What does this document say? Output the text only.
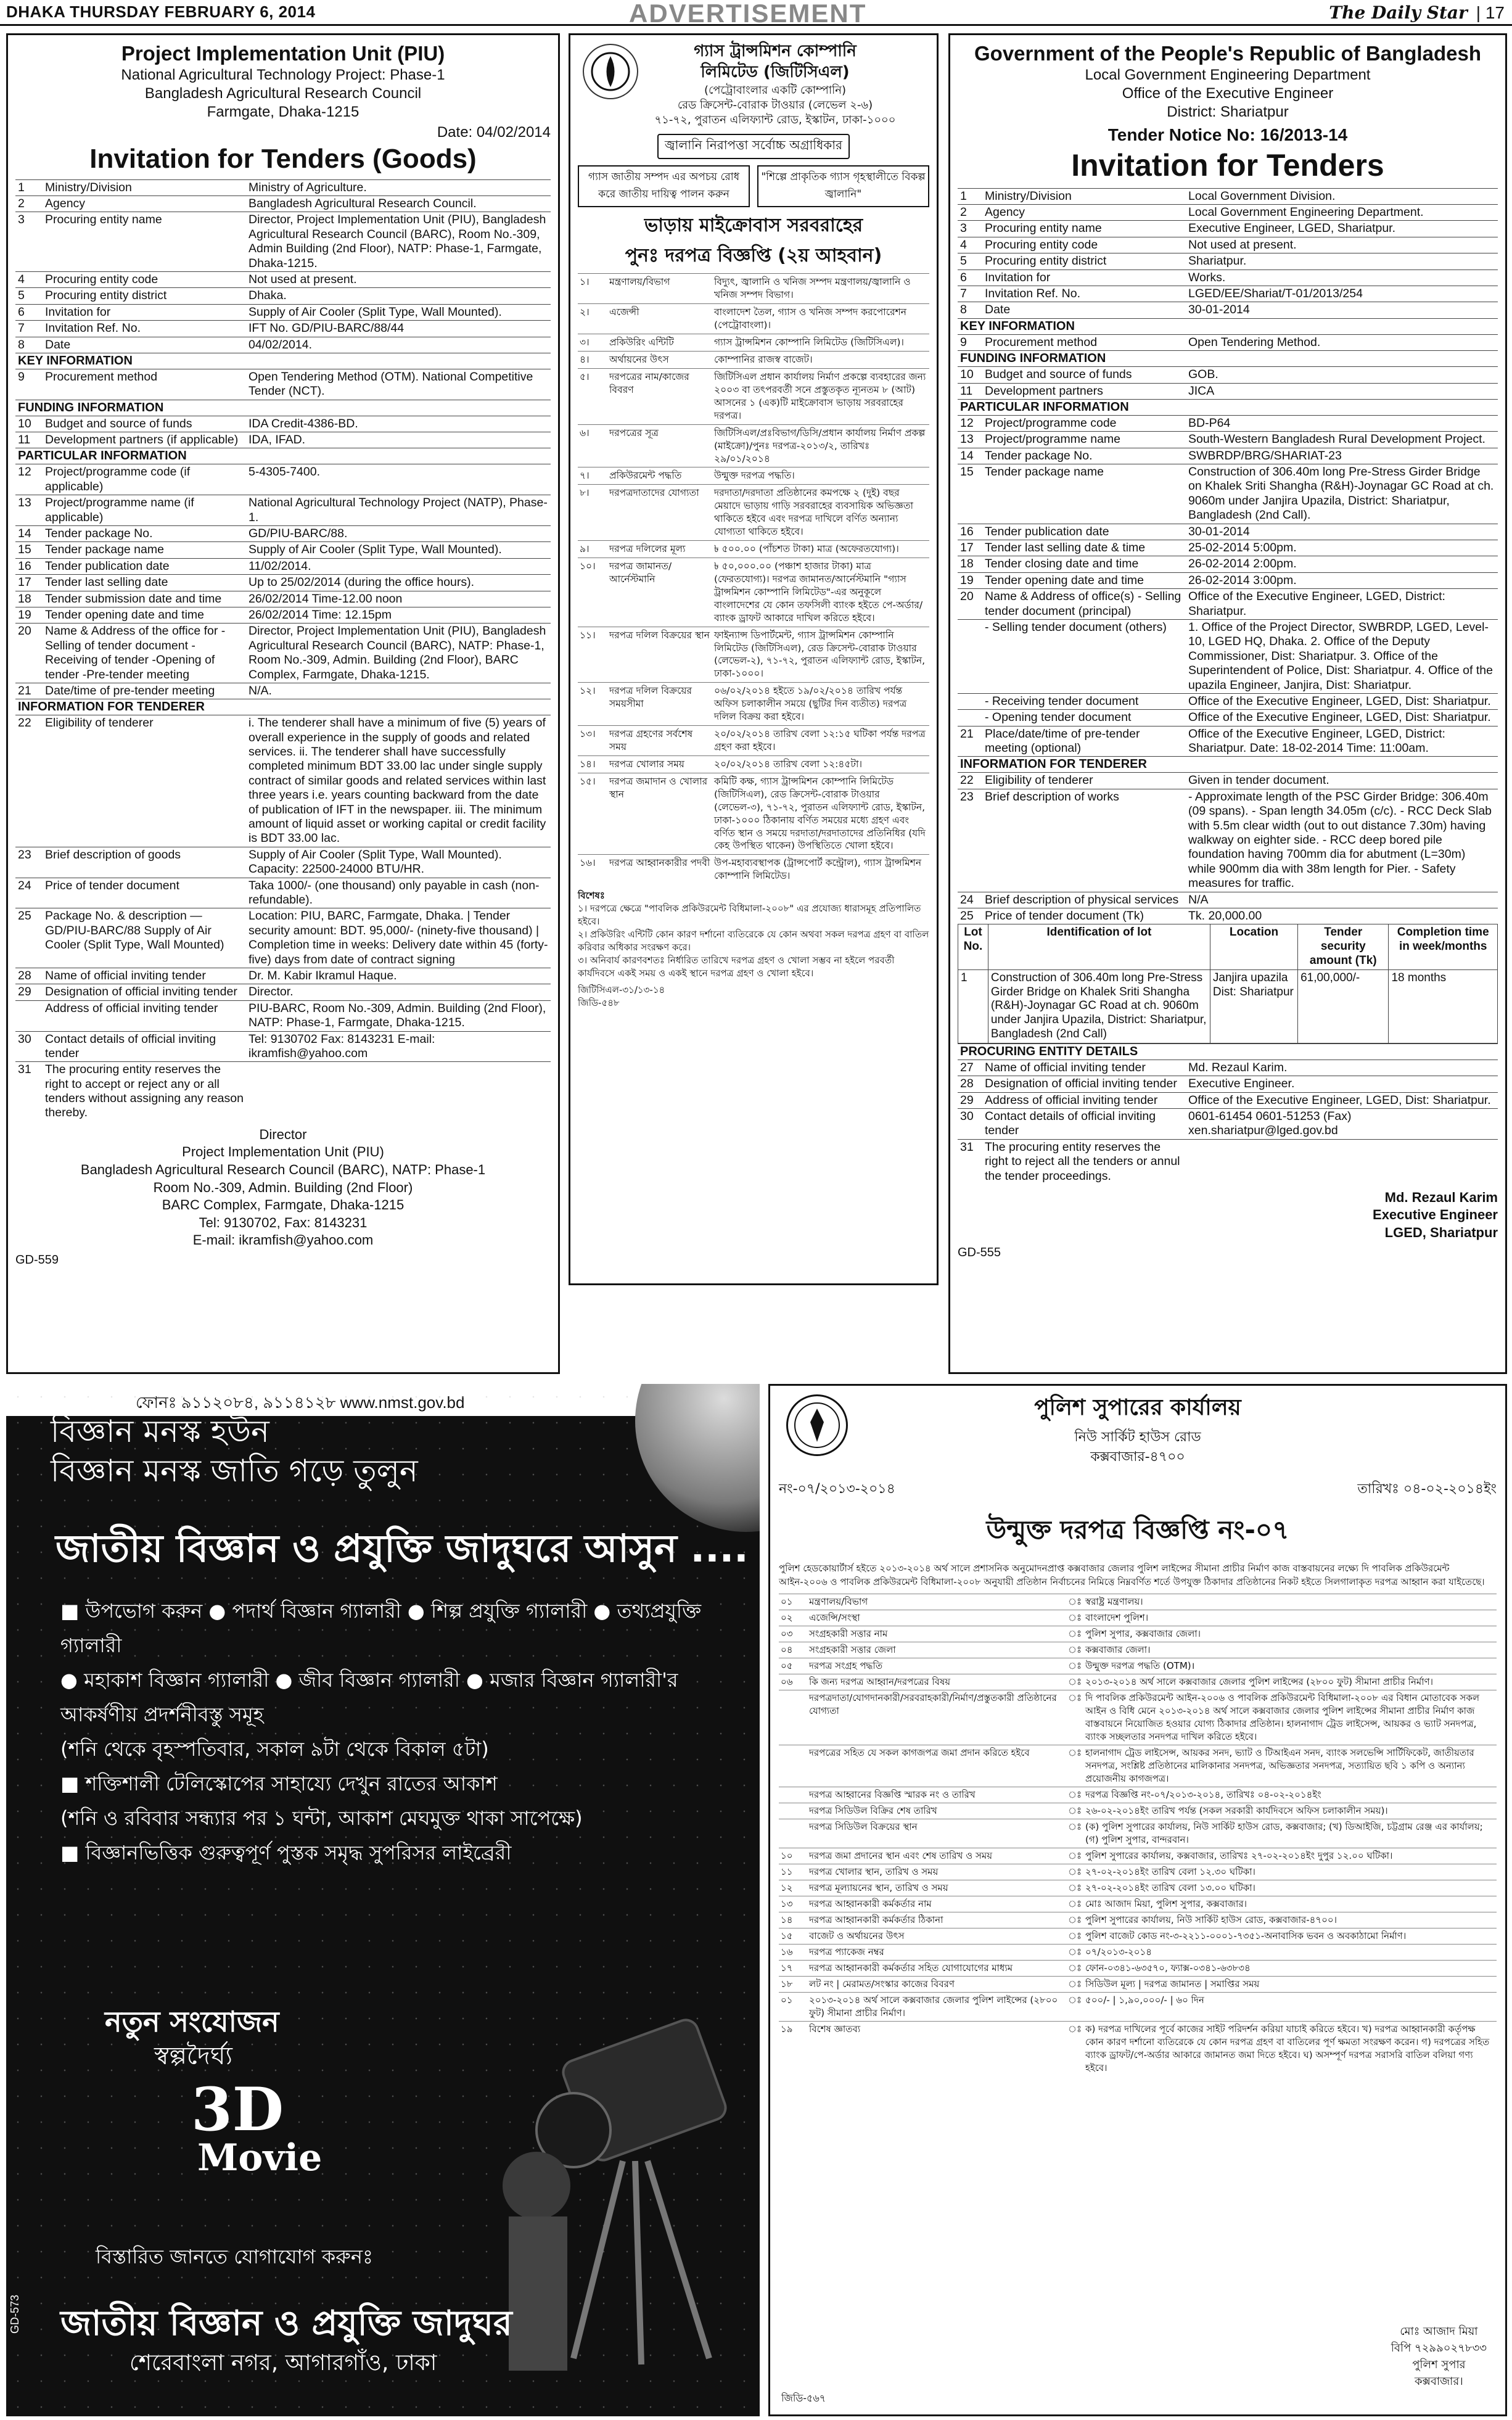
DHAKA THURSDAY FEBRUARY 6, 2014	ADVERTISEMENT	The Daily Star | 17
Project Implementation Unit (PIU)
National Agricultural Technology Project: Phase-1
Bangladesh Agricultural Research Council
Farmgate, Dhaka-1215
Date: 04/02/2014
Invitation for Tenders (Goods)
1	Ministry/Division	Ministry of Agriculture.
2	Agency	Bangladesh Agricultural Research Council.
3	Procuring entity name	Director, Project Implementation Unit (PIU), Bangladesh Agricultural Research Council (BARC), Room No.-309, Admin Building (2nd Floor), NATP: Phase-1, Farmgate, Dhaka-1215.
4	Procuring entity code	Not used at present.
5	Procuring entity district	Dhaka.
6	Invitation for	Supply of Air Cooler (Split Type, Wall Mounted).
7	Invitation Ref. No.	IFT No. GD/PIU-BARC/88/44
8	Date	04/02/2014.
KEY INFORMATION
9	Procurement method	Open Tendering Method (OTM). National Competitive Tender (NCT).
FUNDING INFORMATION
10	Budget and source of funds	IDA Credit-4386-BD.
11	Development partners (if applicable)	IDA, IFAD.
PARTICULAR INFORMATION
12	Project/programme code (if applicable)	5-4305-7400.
13	Project/programme name (if applicable)	National Agricultural Technology Project (NATP), Phase-1.
14	Tender package No.	GD/PIU-BARC/88.
15	Tender package name	Supply of Air Cooler (Split Type, Wall Mounted).
16	Tender publication date	11/02/2014.
17	Tender last selling date	Up to 25/02/2014 (during the office hours).
18	Tender submission date and time	26/02/2014 Time-12.00 noon
19	Tender opening date and time	26/02/2014 Time: 12.15pm
20	Name & Address of the office for -Selling of tender document -Receiving of tender -Opening of tender -Pre-tender meeting	Director, Project Implementation Unit (PIU), Bangladesh Agricultural Research Council (BARC), NATP: Phase-1, Room No.-309, Admin. Building (2nd Floor), BARC Complex, Farmgate, Dhaka-1215.
21	Date/time of pre-tender meeting	N/A.
INFORMATION FOR TENDERER
22	Eligibility of tenderer	i. The tenderer shall have a minimum of five (5) years of overall experience in the supply of goods and related services. ii. The tenderer shall have successfully completed minimum BDT 33.00 lac under single supply contract of similar goods and related services within last three years i.e. years counting backward from the date of publication of IFT in the newspaper. iii. The minimum amount of liquid asset or working capital or credit facility is BDT 33.00 lac.
23	Brief description of goods	Supply of Air Cooler (Split Type, Wall Mounted). Capacity: 22500-24000 BTU/HR.
24	Price of tender document	Taka 1000/- (one thousand) only payable in cash (non-refundable).
25	Package No. & description — GD/PIU-BARC/88 Supply of Air Cooler (Split Type, Wall Mounted)	Location: PIU, BARC, Farmgate, Dhaka. | Tender security amount: BDT. 95,000/- (ninety-five thousand) | Completion time in weeks: Delivery date within 45 (forty-five) days from date of contract signing
28	Name of official inviting tender	Dr. M. Kabir Ikramul Haque.
29	Designation of official inviting tender	Director.
	Address of official inviting tender	PIU-BARC, Room No.-309, Admin. Building (2nd Floor), NATP: Phase-1, Farmgate, Dhaka-1215.
30	Contact details of official inviting tender	Tel: 9130702 Fax: 8143231 E-mail: ikramfish@yahoo.com
31	The procuring entity reserves the right to accept or reject any or all tenders without assigning any reason thereby.	
Director
Project Implementation Unit (PIU)
Bangladesh Agricultural Research Council (BARC), NATP: Phase-1
Room No.-309, Admin. Building (2nd Floor)
BARC Complex, Farmgate, Dhaka-1215
Tel: 9130702, Fax: 8143231
E-mail: ikramfish@yahoo.com
GD-559
গ্যাস ট্রান্সমিশন কোম্পানি
লিমিটেড (জিটিসিএল)
(পেট্রোবাংলার একটি কোম্পানি)
রেড ক্রিসেন্ট-বোরাক টাওয়ার (লেভেল ২-৬)
৭১-৭২, পুরাতন এলিফ্যান্ট রোড, ইস্কাটন, ঢাকা-১০০০
জ্বালানি নিরাপত্তা সর্বোচ্চ অগ্রাধিকার
গ্যাস জাতীয় সম্পদ এর অপচয় রোধ করে জাতীয় দায়িত্ব পালন করুন
"শিল্পে প্রাকৃতিক গ্যাস গৃহস্থালীতে বিকল্প জ্বালানি"
ভাড়ায় মাইক্রোবাস সরবরাহের
পুনঃ দরপত্র বিজ্ঞপ্তি (২য় আহবান)
১।	মন্ত্রণালয়/বিভাগ	বিদ্যুৎ, জ্বালানি ও খনিজ সম্পদ মন্ত্রণালয়/জ্বালানি ও খনিজ সম্পদ বিভাগ।
২।	এজেন্সী	বাংলাদেশ তৈল, গ্যাস ও খনিজ সম্পদ করপোরেশন (পেট্রোবাংলা)।
৩।	প্রকিউরিং এন্টিটি	গ্যাস ট্রান্সমিশন কোম্পানি লিমিটেড (জিটিসিএল)।
৪।	অর্থায়নের উৎস	কোম্পানির রাজস্ব বাজেট।
৫।	দরপত্রের নাম/কাজের বিবরণ	জিটিসিএল প্রধান কার্যালয় নির্মাণ প্রকল্পে ব্যবহারের জন্য ২০০৩ বা তৎপরবর্তী সনে প্রস্তুতকৃত ন্যূনতম ৮ (আট) আসনের ১ (এক)টি মাইক্রোবাস ভাড়ায় সরবরাহের দরপত্র।
৬।	দরপত্রের সূত্র	জিটিসিএল/প্রঃবিভাগ/ডিসি/প্রধান কার্যালয় নির্মাণ প্রকল্প (মাইক্রো)/পুনঃ দরপত্র-২০১৩/২, তারিখঃ ২৯/০১/২০১৪
৭।	প্রকিউরমেন্ট পদ্ধতি	উন্মুক্ত দরপত্র পদ্ধতি।
৮।	দরপত্রদাতাদের যোগ্যতা	দরদাতা/দরদাতা প্রতিষ্ঠানের কমপক্ষে ২ (দুই) বছর মেয়াদে ভাড়ায় গাড়ি সরবরাহের ব্যবসায়িক অভিজ্ঞতা থাকিতে হইবে এবং দরপত্র দাখিলে বর্ণিত অন্যান্য যোগ্যতা থাকিতে হইবে।
৯।	দরপত্র দলিলের মূল্য	৳ ৫০০.০০ (পাঁচশত টাকা) মাত্র (অফেরতযোগ্য)।
১০।	দরপত্র জামানত/ আর্নেস্টমানি	৳ ৫০,০০০.০০ (পঞ্চাশ হাজার টাকা) মাত্র (ফেরতযোগ্য)। দরপত্র জামানত/আর্নেস্টমানি "গ্যাস ট্রান্সমিশন কোম্পানি লিমিটেড"-এর অনুকূলে বাংলাদেশের যে কোন তফসিলী ব্যাংক হইতে পে-অর্ডার/ব্যাংক ড্রাফট আকারে দাখিল করিতে হইবে।
১১।	দরপত্র দলিল বিক্রয়ের স্থান	ফাইন্যান্স ডিপার্টমেন্ট, গ্যাস ট্রান্সমিশন কোম্পানি লিমিটেড (জিটিসিএল), রেড ক্রিসেন্ট-বোরাক টাওয়ার (লেভেল-২), ৭১-৭২, পুরাতন এলিফ্যান্ট রোড, ইস্কাটন, ঢাকা-১০০০।
১২।	দরপত্র দলিল বিক্রয়ের সময়সীমা	০৬/০২/২০১৪ হইতে ১৯/০২/২০১৪ তারিখ পর্যন্ত অফিস চলাকালীন সময়ে (ছুটির দিন ব্যতীত) দরপত্র দলিল বিক্রয় করা হইবে।
১৩।	দরপত্র গ্রহণের সর্বশেষ সময়	২০/০২/২০১৪ তারিখ বেলা ১২:১৫ ঘটিকা পর্যন্ত দরপত্র গ্রহণ করা হইবে।
১৪।	দরপত্র খোলার সময়	২০/০২/২০১৪ তারিখ বেলা ১২:৪৫টা।
১৫।	দরপত্র জমাদান ও খোলার স্থান	কমিটি কক্ষ, গ্যাস ট্রান্সমিশন কোম্পানি লিমিটেড (জিটিসিএল), রেড ক্রিসেন্ট-বোরাক টাওয়ার (লেভেল-৩), ৭১-৭২, পুরাতন এলিফ্যান্ট রোড, ইস্কাটন, ঢাকা-১০০০ ঠিকানায় বর্ণিত সময়ের মধ্যে গ্রহণ এবং বর্ণিত স্থান ও সময়ে দরদাতা/দরদাতাদের প্রতিনিধির (যদি কেহ উপস্থিত থাকেন) উপস্থিতিতে খোলা হইবে।
১৬।	দরপত্র আহ্বানকারীর পদবী	উপ-মহাব্যবস্থাপক (ট্রান্সপোর্ট কন্ট্রোল), গ্যাস ট্রান্সমিশন কোম্পানি লিমিটেড।
বিশেষঃ
১। দরপত্রে ক্ষেত্রে "পাবলিক প্রকিউরমেন্ট বিধিমালা-২০০৮" এর প্রযোজ্য ধারাসমূহ প্রতিপালিত হইবে।
২। প্রকিউরিং এন্টিটি কোন কারণ দর্শানো ব্যতিরেকে যে কোন অথবা সকল দরপত্র গ্রহণ বা বাতিল করিবার অধিকার সংরক্ষণ করে।
৩। অনিবার্য কারণবশতঃ নির্ধারিত তারিখে দরপত্র গ্রহণ ও খোলা সম্ভব না হইলে পরবর্তী কার্যদিবসে একই সময় ও একই স্থানে দরপত্র গ্রহণ ও খোলা হইবে।
জিটিসিএল-৩১/১৩-১৪
জিডি-৫৪৮
Government of the People's Republic of Bangladesh
Local Government Engineering Department
Office of the Executive Engineer
District: Shariatpur
Tender Notice No: 16/2013-14
Invitation for Tenders
1	Ministry/Division	Local Government Division.
2	Agency	Local Government Engineering Department.
3	Procuring entity name	Executive Engineer, LGED, Shariatpur.
4	Procuring entity code	Not used at present.
5	Procuring entity district	Shariatpur.
6	Invitation for	Works.
7	Invitation Ref. No.	LGED/EE/Shariat/T-01/2013/254
8	Date	30-01-2014
KEY INFORMATION
9	Procurement method	Open Tendering Method.
FUNDING INFORMATION
10	Budget and source of funds	GOB.
11	Development partners	JICA
PARTICULAR INFORMATION
12	Project/programme code	BD-P64
13	Project/programme name	South-Western Bangladesh Rural Development Project.
14	Tender package No.	SWBRDP/BRG/SHARIAT-23
15	Tender package name	Construction of 306.40m long Pre-Stress Girder Bridge on Khalek Sriti Shangha (R&H)-Joynagar GC Road at ch. 9060m under Janjira Upazila, District: Shariatpur, Bangladesh (2nd Call).
16	Tender publication date	30-01-2014
17	Tender last selling date & time	25-02-2014 5:00pm.
18	Tender closing date and time	26-02-2014 2:00pm.
19	Tender opening date and time	26-02-2014 3:00pm.
20	Name & Address of office(s) - Selling tender document (principal)	Office of the Executive Engineer, LGED, District: Shariatpur.
	- Selling tender document (others)	1. Office of the Project Director, SWBRDP, LGED, Level-10, LGED HQ, Dhaka. 2. Office of the Deputy Commissioner, Dist: Shariatpur. 3. Office of the Superintendent of Police, Dist: Shariatpur. 4. Office of the upazila Engineer, Janjira, Dist: Shariatpur.
	- Receiving tender document	Office of the Executive Engineer, LGED, Dist: Shariatpur.
	- Opening tender document	Office of the Executive Engineer, LGED, Dist: Shariatpur.
21	Place/date/time of pre-tender meeting (optional)	Office of the Executive Engineer, LGED, District: Shariatpur. Date: 18-02-2014 Time: 11:00am.
INFORMATION FOR TENDERER
22	Eligibility of tenderer	Given in tender document.
23	Brief description of works	- Approximate length of the PSC Girder Bridge: 306.40m (09 spans). - Span length 34.05m (c/c). - RCC Deck Slab with 5.5m clear width (out to out distance 7.30m) having walkway on eighter side. - RCC deep bored pile foundation having 700mm dia for abutment (L=30m) while 900mm dia with 38m length for Pier. - Safety measures for traffic.
24	Brief description of physical services	N/A
25	Price of tender document (Tk)	Tk. 20,000.00
Lot No.	Identification of lot	Location	Tender security amount (Tk)	Completion time in week/months
1	Construction of 306.40m long Pre-Stress Girder Bridge on Khalek Sriti Shangha (R&H)-Joynagar GC Road at ch. 9060m under Janjira Upazila, District: Shariatpur, Bangladesh (2nd Call)	Janjira upazila Dist: Shariatpur	61,00,000/-	18 months
PROCURING ENTITY DETAILS
27	Name of official inviting tender	Md. Rezaul Karim.
28	Designation of official inviting tender	Executive Engineer.
29	Address of official inviting tender	Office of the Executive Engineer, LGED, Dist: Shariatpur.
30	Contact details of official inviting tender	0601-61454 0601-51253 (Fax) xen.shariatpur@lged.gov.bd
31	The procuring entity reserves the right to reject all the tenders or annul the tender proceedings.	
Md. Rezaul Karim
Executive Engineer
LGED, Shariatpur
GD-555
বিজ্ঞান মনস্ক হউন
বিজ্ঞান মনস্ক জাতি গড়ে তুলুন
জাতীয় বিজ্ঞান ও প্রযুক্তি জাদুঘরে আসুন ....
■ উপভোগ করুন ● পদার্থ বিজ্ঞান গ্যালারী ● শিল্প প্রযুক্তি গ্যালারী ● তথ্যপ্রযুক্তি গ্যালারী
● মহাকাশ বিজ্ঞান গ্যালারী ● জীব বিজ্ঞান গ্যালারী ● মজার বিজ্ঞান গ্যালারী'র
আকর্ষণীয় প্রদর্শনীবস্তু সমূহ
(শনি থেকে বৃহস্পতিবার, সকাল ৯টা থেকে বিকাল ৫টা)
■ শক্তিশালী টেলিস্কোপের সাহায্যে দেখুন রাতের আকাশ
(শনি ও রবিবার সন্ধ্যার পর ১ ঘন্টা, আকাশ মেঘমুক্ত থাকা সাপেক্ষে)
■ বিজ্ঞানভিত্তিক গুরুত্বপূর্ণ পুস্তক সমৃদ্ধ সুপরিসর লাইব্রেরী
নতুন সংযোজন
স্বল্পদৈর্ঘ্য
3D
Movie
বিস্তারিত জানতে যোগাযোগ করুনঃ
জাতীয় বিজ্ঞান ও প্রযুক্তি জাদুঘর
শেরেবাংলা নগর, আগারগাঁও, ঢাকা
ফোনঃ ৯১১২০৮৪, ৯১১৪১২৮ www.nmst.gov.bd
GD-573
পুলিশ সুপারের কার্যালয়
নিউ সার্কিট হাউস রোড
কক্সবাজার-৪৭০০
নং-০৭/২০১৩-২০১৪	তারিখঃ ০৪-০২-২০১৪ইং
উন্মুক্ত দরপত্র বিজ্ঞপ্তি নং-০৭
পুলিশ হেডকোয়ার্টার্স হইতে ২০১৩-২০১৪ অর্থ সালে প্রশাসনিক অনুমোদনপ্রাপ্ত কক্সবাজার জেলার পুলিশ লাইন্সের সীমানা প্রাচীর নির্মাণ কাজ বাস্তবায়নের লক্ষ্যে দি পাবলিক প্রকিউরমেন্ট আইন-২০০৬ ও পাবলিক প্রকিউরমেন্ট বিধিমালা-২০০৮ অনুযায়ী প্রতিষ্ঠান নির্বাচনের নিমিত্তে নিম্নবর্ণিত শর্তে উপযুক্ত ঠিকাদার প্রতিষ্ঠানের নিকট হইতে সিলগালাকৃত দরপত্র আহ্বান করা যাইতেছে।
০১	মন্ত্রণালয়/বিভাগ	ঃ	স্বরাষ্ট্র মন্ত্রণালয়।
০২	এজেন্সি/সংস্থা	ঃ	বাংলাদেশ পুলিশ।
০৩	সংগ্রহকারী সত্তার নাম	ঃ	পুলিশ সুপার, কক্সবাজার জেলা।
০৪	সংগ্রহকারী সত্তার জেলা	ঃ	কক্সবাজার জেলা।
০৫	দরপত্র সংগ্রহ পদ্ধতি	ঃ	উন্মুক্ত দরপত্র পদ্ধতি (OTM)।
০৬	কি জন্য দরপত্র আহ্বান/দরপত্রের বিষয়	ঃ	২০১৩-২০১৪ অর্থ সালে কক্সবাজার জেলার পুলিশ লাইন্সের (২৮০০ ফুট) সীমানা প্রাচীর নির্মাণ।
	দরপত্রদাতা/যোগদানকারী/সরবরাহকারী/নির্মাণ/প্রস্তুতকারী প্রতিষ্ঠানের যোগ্যতা	ঃ	দি পাবলিক প্রকিউরমেন্ট আইন-২০০৬ ও পাবলিক প্রকিউরমেন্ট বিধিমালা-২০০৮ এর বিধান মোতাবেক সকল আইন ও বিধি মেনে ২০১৩-২০১৪ অর্থ সালে কক্সবাজার জেলার পুলিশ লাইন্সের সীমানা প্রাচীর নির্মাণ কাজ বাস্তবায়নে নিয়োজিত হওয়ার যোগ্য ঠিকাদার প্রতিষ্ঠান। হালনাগাদ ট্রেড লাইসেন্স, আয়কর ও ভ্যাট সনদপত্র, ব্যাংক সচ্ছলতার সনদপত্র দাখিল করিতে হইবে।
	দরপত্রের সহিত যে সকল কাগজপত্র জমা প্রদান করিতে হইবে	ঃ	হালনাগাদ ট্রেড লাইসেন্স, আয়কর সনদ, ভ্যাট ও টিআইএন সনদ, ব্যাংক সলভেন্সি সার্টিফিকেট, জাতীয়তার সনদপত্র, সংশ্লিষ্ট প্রতিষ্ঠানের মালিকানার সনদপত্র, অভিজ্ঞতার সনদপত্র, সত্যায়িত ছবি ১ কপি ও অন্যান্য প্রয়োজনীয় কাগজপত্র।
	দরপত্র আহ্বানের বিজ্ঞপ্তি স্মারক নং ও তারিখ	ঃ	দরপত্র বিজ্ঞপ্তি নং-০৭/২০১৩-২০১৪, তারিখঃ ০৪-০২-২০১৪ইং
	দরপত্র সিডিউল বিক্রির শেষ তারিখ	ঃ	২৬-০২-২০১৪ইং তারিখ পর্যন্ত (সকল সরকারী কার্যদিবসে অফিস চলাকালীন সময়)।
	দরপত্র সিডিউল বিক্রয়ের স্থান	ঃ	(ক) পুলিশ সুপারের কার্যালয়, নিউ সার্কিট হাউস রোড, কক্সবাজার; (খ) ডিআইজি, চট্টগ্রাম রেঞ্জ এর কার্যালয়; (গ) পুলিশ সুপার, বান্দরবান।
১০	দরপত্র জমা প্রদানের স্থান এবং শেষ তারিখ ও সময়	ঃ	পুলিশ সুপারের কার্যালয়, কক্সবাজার, তারিখঃ ২৭-০২-২০১৪ইং দুপুর ১২.০০ ঘটিকা।
১১	দরপত্র খোলার স্থান, তারিখ ও সময়	ঃ	২৭-০২-২০১৪ইং তারিখ বেলা ১২.৩০ ঘটিকা।
১২	দরপত্র মূল্যায়নের স্থান, তারিখ ও সময়	ঃ	২৭-০২-২০১৪ইং তারিখ বেলা ১৩.০০ ঘটিকা।
১৩	দরপত্র আহ্বানকারী কর্মকর্তার নাম	ঃ	মোঃ আজাদ মিয়া, পুলিশ সুপার, কক্সবাজার।
১৪	দরপত্র আহ্বানকারী কর্মকর্তার ঠিকানা	ঃ	পুলিশ সুপারের কার্যালয়, নিউ সার্কিট হাউস রোড, কক্সবাজার-৪৭০০।
১৫	বাজেট ও অর্থায়নের উৎস	ঃ	পুলিশ বাজেট কোড নং-৩-২২১১-০০০১-৭৩৫১-অনাবাসিক ভবন ও অবকাঠামো নির্মাণ।
১৬	দরপত্র প্যাকেজ নম্বর	ঃ	০৭/২০১৩-২০১৪
১৭	দরপত্র আহ্বানকারী কর্মকর্তার সহিত যোগাযোগের মাধ্যম	ঃ	ফোন-০৩৪১-৬৩৫৭০, ফ্যাক্স-০৩৪১-৬৩৮৩৪
১৮	লট নং | মেরামত/সংস্কার কাজের বিবরণ	ঃ	সিডিউল মূল্য | দরপত্র জামানত | সমাপ্তির সময়
০১	২০১৩-২০১৪ অর্থ সালে কক্সবাজার জেলার পুলিশ লাইন্সের (২৮০০ ফুট) সীমানা প্রাচীর নির্মাণ।	ঃ	৫০০/- | ১,৯০,০০০/- | ৬০ দিন
১৯	বিশেষ জ্ঞাতব্য	ঃ	ক) দরপত্র দাখিলের পূর্বে কাজের সাইট পরিদর্শন করিয়া যাচাই করিতে হইবে। খ) দরপত্র আহ্বানকারী কর্তৃপক্ষ কোন কারণ দর্শানো ব্যতিরেকে যে কোন দরপত্র গ্রহণ বা বাতিলের পূর্ণ ক্ষমতা সংরক্ষণ করেন। গ) দরপত্রের সহিত ব্যাংক ড্রাফট/পে-অর্ডার আকারে জামানত জমা দিতে হইবে। ঘ) অসম্পূর্ণ দরপত্র সরাসরি বাতিল বলিয়া গণ্য হইবে।
মোঃ আজাদ মিয়া
বিপি ৭২৯৯০২৭৮৩৩
পুলিশ সুপার
কক্সবাজার।
জিডি-৫৬৭
